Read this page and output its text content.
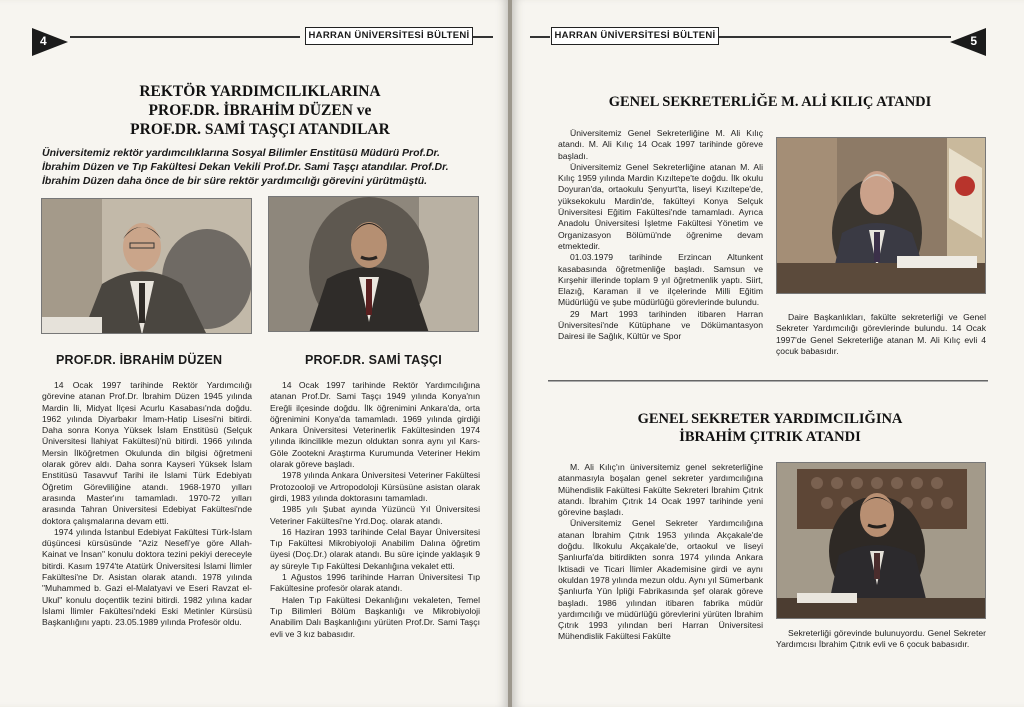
4	HARRAN ÜNİVERSİTESİ BÜLTENİ
REKTÖR YARDIMCILIKLARINA
PROF.DR. İBRAHİM DÜZEN ve
PROF.DR. SAMİ TAŞÇI ATANDILAR
Üniversitemiz rektör yardımcılıklarına Sosyal Bilimler Enstitüsü Müdürü Prof.Dr. İbrahim Düzen ve Tıp Fakültesi Dekan Vekili Prof.Dr. Sami Taşçı atandılar. Prof.Dr. İbrahim Düzen daha önce de bir süre rektör yardımcılığı görevini yürütmüştü.
PROF.DR. İBRAHİM DÜZEN	PROF.DR. SAMİ TAŞÇI

14 Ocak 1997 tarihinde Rektör Yardımcılığı görevine atanan Prof.Dr. İbrahim Düzen 1945 yılında Mardin İli, Midyat İlçesi Acurlu Kasabası'nda doğdu. 1962 yılında Diyarbakır İmam-Hatip Lisesi'ni bitirdi. Daha sonra Konya Yüksek İslam Enstitüsü (Selçuk Üniversitesi İlahiyat Fakültesi)'nü bitirdi. 1966 yılında Mersin İlköğretmen Okulunda din bilgisi öğretmeni olarak görev aldı. Daha sonra Kayseri Yüksek İslam Enstitüsü Tasavvuf Tarihi ile İslami Türk Edebiyatı Öğretim Görevliliğine atandı. 1968-1970 yılları arasında Master'ını tamamladı. 1970-72 yılları arasında Tahran Üniversitesi Edebiyat Fakültesi'nde doktora çalışmalarına devam etti.

1974 yılında İstanbul Edebiyat Fakültesi Türk-İslam düşüncesi kürsüsünde "Aziz Nesefi'ye göre Allah-Kainat ve İnsan" konulu doktora tezini pekiyi dereceyle bitirdi. Kasım 1974'te Atatürk Üniversitesi İslami İlimler Fakültesi'ne Dr. Asistan olarak atandı. 1978 yılında "Muhammed b. Gazi el-Malatyavi ve Eseri Ravzat el-Ukul" konulu doçentlik tezini bitirdi. 1982 yılına kadar İslami İlimler Fakültesi'ndeki Eski Metinler Kürsüsü Başkanlığını yaptı. 23.05.1989 yılında Profesör oldu.

14 Ocak 1997 tarihinde Rektör Yardımcılığına atanan Prof.Dr. Sami Taşçı 1949 yılında Konya'nın Ereğli ilçesinde doğdu. İlk öğrenimini Ankara'da, orta öğrenimini Konya'da tamamladı. 1969 yılında girdiği Ankara Üniversitesi Veterinerlik Fakültesinden 1974 yılında ikincilikle mezun olduktan sonra aynı yıl Kars-Göle Zootekni Araştırma Kurumunda Veteriner Hekim olarak göreve başladı.

1978 yılında Ankara Üniversitesi Veteriner Fakültesi Protozooloji ve Artropodoloji Kürsüsüne asistan olarak girdi, 1983 yılında doktorasını tamamladı.

1985 yılı Şubat ayında Yüzüncü Yıl Üniversitesi Veteriner Fakültesi'ne Yrd.Doç. olarak atandı.

16 Haziran 1993 tarihinde Celal Bayar Üniversitesi Tıp Fakültesi Mikrobiyoloji Anabilim Dalına öğretim üyesi (Doç.Dr.) olarak atandı. Bu süre içinde yaklaşık 9 ay süreyle Tıp Fakültesi Dekanlığına vekalet etti.

1 Ağustos 1996 tarihinde Harran Üniversitesi Tıp Fakültesine profesör olarak atandı.

Halen Tıp Fakültesi Dekanlığını vekaleten, Temel Tıp Bilimleri Bölüm Başkanlığı ve Mikrobiyoloji Anabilim Dalı Başkanlığını yürüten Prof.Dr. Sami Taşçı evli ve 3 kız babasıdır.

HARRAN ÜNİVERSİTESİ BÜLTENİ	5
GENEL SEKRETERLİĞE M. ALİ KILIÇ ATANDI

Üniversitemiz Genel Sekreterliğine M. Ali Kılıç atandı. M. Ali Kılıç 14 Ocak 1997 tarihinde göreve başladı.

Üniversitemiz Genel Sekreterliğine atanan M. Ali Kılıç 1959 yılında Mardin Kızıltepe'te doğdu. İlk okulu Doyuran'da, ortaokulu Şenyurt'ta, liseyi Kızıltepe'de, yüksekokulu Mardin'de, fakülteyi Konya Selçuk Üniversitesi Eğitim Fakültesi'nde tamamladı. Ayrıca Anadolu Üniversitesi İşletme Fakültesi Yönetim ve Organizasyon Bölümü'nde öğrenime devam etmektedir.

01.03.1979 tarihinde Erzincan Altunkent kasabasında öğretmenliğe başladı. Samsun ve Kırşehir illerinde toplam 9 yıl öğretmenlik yaptı. Siirt, Elazığ, Karaman il ve ilçelerinde Milli Eğitim Müdürlüğü ve şube müdürlüğü görevlerinde bulundu.

29 Mart 1993 tarihinden itibaren Harran Üniversitesi'nde Kütüphane ve Dökümantasyon Dairesi ile Sağlık, Kültür ve Spor

Daire Başkanlıkları, fakülte sekreterliği ve Genel Sekreter Yardımcılığı görevlerinde bulundu. 14 Ocak 1997'de Genel Sekreterliğe atanan M. Ali Kılıç evli 4 çocuk babasıdır.

GENEL SEKRETER YARDIMCILIĞINA
İBRAHİM ÇITRIK ATANDI

M. Ali Kılıç'ın üniversitemiz genel sekreterliğine atanmasıyla boşalan genel sekreter yardımcılığına Mühendislik Fakültesi Fakülte Sekreteri İbrahim Çıtrık atandı. İbrahim Çıtrık 14 Ocak 1997 tarihinde yeni görevine başladı.

Üniversitemiz Genel Sekreter Yardımcılığına atanan İbrahim Çıtrık 1953 yılında Akçakale'de doğdu. İlkokulu Akçakale'de, ortaokul ve liseyi Şanlıurfa'da bitirdikten sonra 1974 yılında Ankara İktisadi ve Ticari İlimler Akademisine girdi ve aynı okuldan 1978 yılında mezun oldu. Aynı yıl Sümerbank Şanlıurfa Yün İpliği Fabrikasında şef olarak göreve başladı. 1986 yılından itibaren fabrika müdür yardımcılığı ve müdürlüğü görevlerini yürüten İbrahim Çıtrık 1993 yılından beri Harran Üniversitesi Mühendislik Fakültesi Fakülte	Sekreterliği görevinde bulunuyordu. Genel Sekreter Yardımcısı İbrahim Çıtrık evli ve 6 çocuk babasıdır.
